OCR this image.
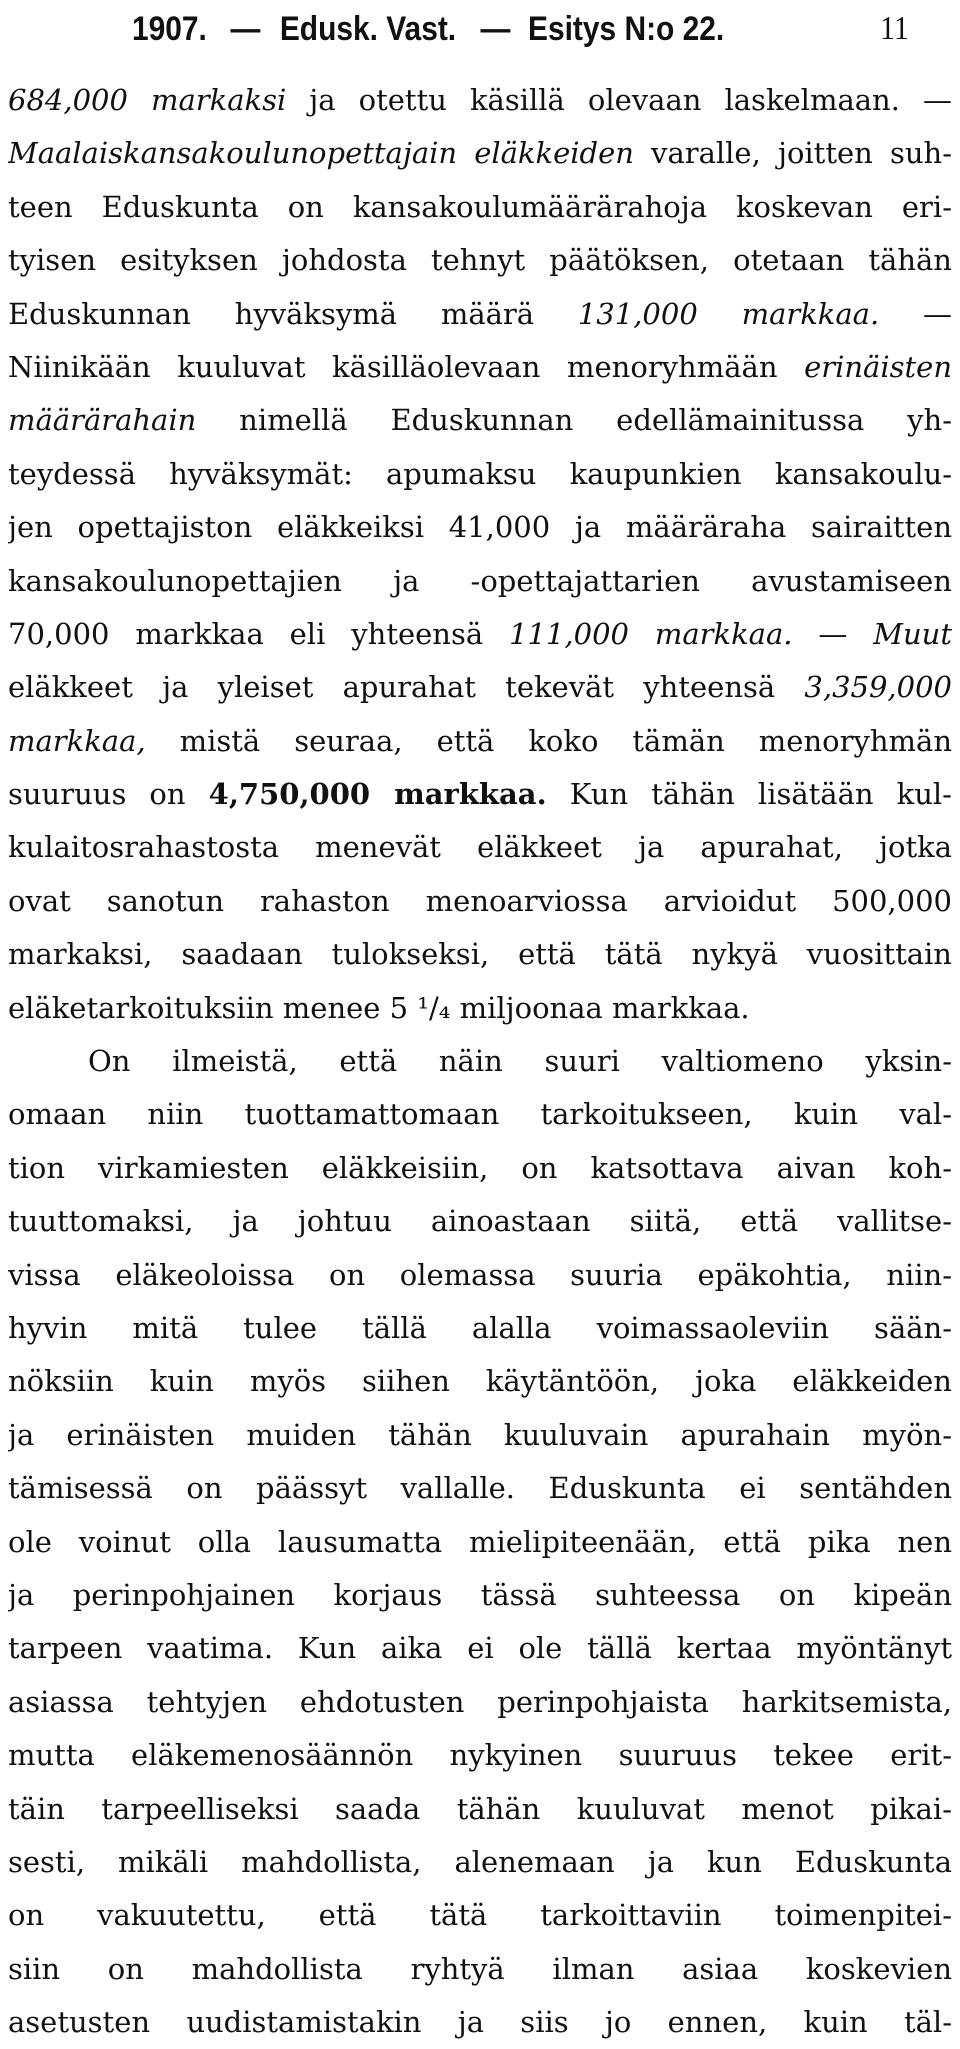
1907. — Edusk. Vast. — Esitys N:o 22.	11
684,000 markaksi ja otettu käsillä olevaan laskelmaan. —
Maalaiskansakoulunopettajain eläkkeiden varalle, joitten suh-
teen Eduskunta on kansakoulumäärärahoja koskevan eri-
tyisen esityksen johdosta tehnyt päätöksen, otetaan tähän
Eduskunnan hyväksymä määrä 131,000 markkaa. —
Niinikään kuuluvat käsilläolevaan menoryhmään erinäisten
määrärahain nimellä Eduskunnan edellämainitussa yh-
teydessä hyväksymät: apumaksu kaupunkien kansakoulu-
jen opettajiston eläkkeiksi 41,000 ja määräraha sairaitten
kansakoulunopettajien ja -opettajattarien avustamiseen
70,000 markkaa eli yhteensä 111,000 markkaa. — Muut
eläkkeet ja yleiset apurahat tekevät yhteensä 3,359,000
markkaa, mistä seuraa, että koko tämän menoryhmän
suuruus on 4,750,000 markkaa. Kun tähän lisätään kul-
kulaitosrahastosta menevät eläkkeet ja apurahat, jotka
ovat sanotun rahaston menoarviossa arvioidut 500,000
markaksi, saadaan tulokseksi, että tätä nykyä vuosittain
eläketarkoituksiin menee 5 ¹/₄ miljoonaa markkaa.
On ilmeistä, että näin suuri valtiomeno yksin-
omaan niin tuottamattomaan tarkoitukseen, kuin val-
tion virkamiesten eläkkeisiin, on katsottava aivan koh-
tuuttomaksi, ja johtuu ainoastaan siitä, että vallitse-
vissa eläkeoloissa on olemassa suuria epäkohtia, niin-
hyvin mitä tulee tällä alalla voimassaoleviin sään-
nöksiin kuin myös siihen käytäntöön, joka eläkkeiden
ja erinäisten muiden tähän kuuluvain apurahain myön-
tämisessä on päässyt vallalle. Eduskunta ei sentähden
ole voinut olla lausumatta mielipiteenään, että pika nen
ja perinpohjainen korjaus tässä suhteessa on kipeän
tarpeen vaatima. Kun aika ei ole tällä kertaa myöntänyt
asiassa tehtyjen ehdotusten perinpohjaista harkitsemista,
mutta eläkemenosäännön nykyinen suuruus tekee erit-
täin tarpeelliseksi saada tähän kuuluvat menot pikai-
sesti, mikäli mahdollista, alenemaan ja kun Eduskunta
on vakuutettu, että tätä tarkoittaviin toimenpitei-
siin on mahdollista ryhtyä ilman asiaa koskevien
asetusten uudistamistakin ja siis jo ennen, kuin täl-
